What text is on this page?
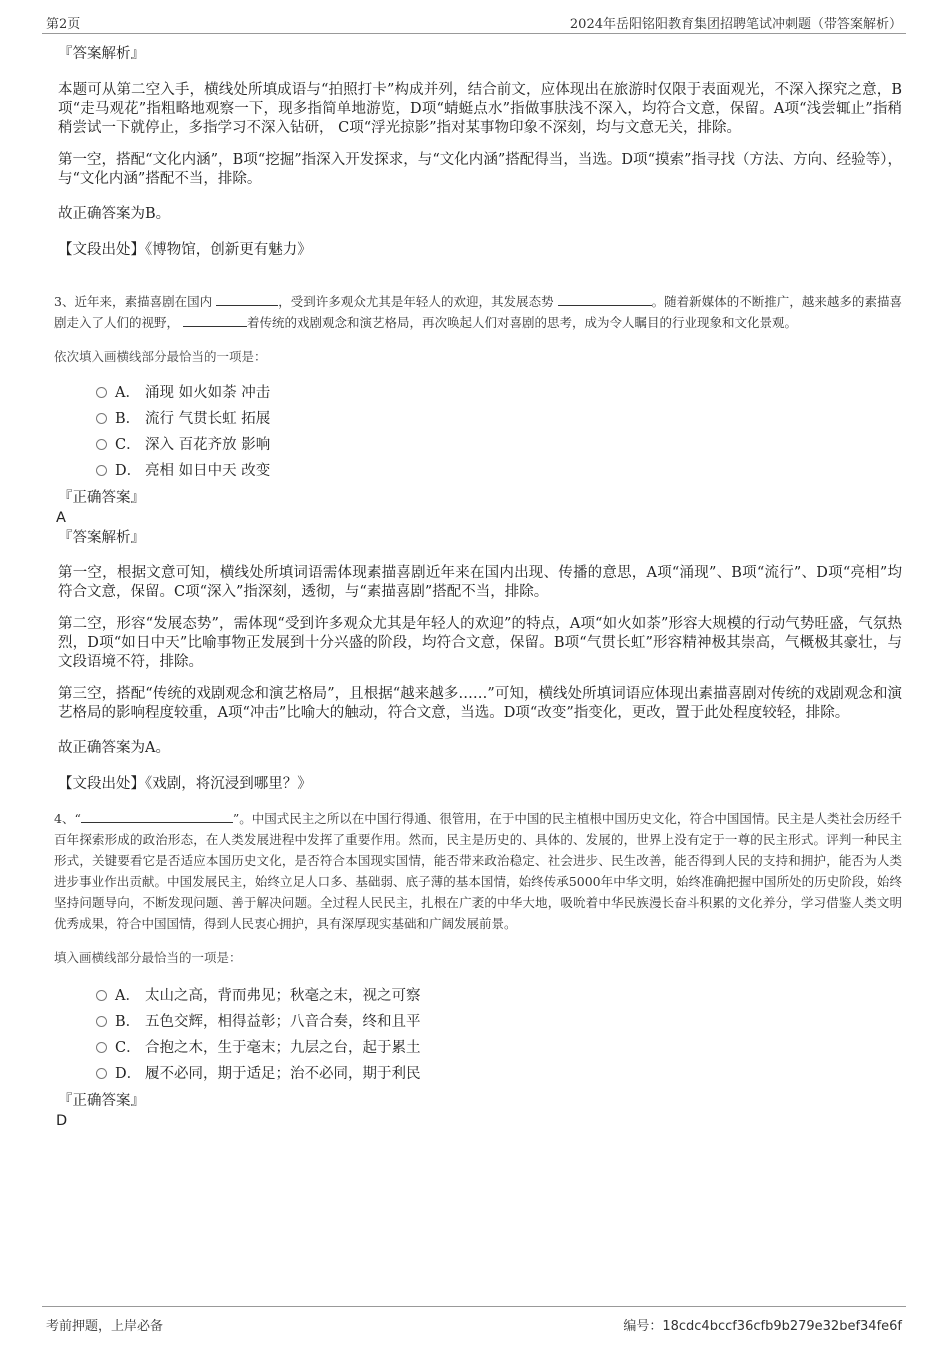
第2页	2024年岳阳铭阳教育集团招聘笔试冲刺题（带答案解析）

『答案解析』

本题可从第二空入手，横线处所填成语与“拍照打卡”构成并列，结合前文，应体现出在旅游时仅限于表面观光，不深入探究之意，B项“走马观花”指粗略地观察一下，现多指简单地游览，D项“蜻蜓点水”指做事肤浅不深入，均符合文意，保留。A项“浅尝辄止”指稍稍尝试一下就停止，多指学习不深入钻研， C项“浮光掠影”指对某事物印象不深刻，均与文意无关，排除。

第一空，搭配“文化内涵”，B项“挖掘”指深入开发探求，与“文化内涵”搭配得当，当选。D项“摸索”指寻找（方法、方向、经验等），与“文化内涵”搭配不当，排除。

故正确答案为B。

【文段出处】《博物馆，创新更有魅力》

3、近年来，素描喜剧在国内	，受到许多观众尤其是年轻人的欢迎，其发展态势	。随着新媒体的不断推广，越来越多的素描喜剧走入了人们的视野，	着传统的戏剧观念和演艺格局，再次唤起人们对喜剧的思考，成为令人瞩目的行业现象和文化景观。

依次填入画横线部分最恰当的一项是：

A． 涌现 如火如荼 冲击
B． 流行 气贯长虹 拓展
C． 深入 百花齐放 影响
D． 亮相 如日中天 改变

『正确答案』

A

『答案解析』

第一空，根据文意可知，横线处所填词语需体现素描喜剧近年来在国内出现、传播的意思，A项“涌现”、B项“流行”、D项“亮相”均符合文意，保留。C项“深入”指深刻，透彻，与“素描喜剧”搭配不当，排除。

第二空，形容“发展态势”，需体现“受到许多观众尤其是年轻人的欢迎”的特点，A项“如火如荼”形容大规模的行动气势旺盛，气氛热烈，D项“如日中天”比喻事物正发展到十分兴盛的阶段，均符合文意，保留。B项“气贯长虹”形容精神极其崇高，气概极其豪壮，与文段语境不符，排除。

第三空，搭配“传统的戏剧观念和演艺格局”，且根据“越来越多……”可知，横线处所填词语应体现出素描喜剧对传统的戏剧观念和演艺格局的影响程度较重，A项“冲击”比喻大的触动，符合文意，当选。D项“改变”指变化，更改，置于此处程度较轻，排除。

故正确答案为A。

【文段出处】《戏剧，将沉浸到哪里？》

4、“	”。中国式民主之所以在中国行得通、很管用，在于中国的民主植根中国历史文化，符合中国国情。民主是人类社会历经千百年探索形成的政治形态，在人类发展进程中发挥了重要作用。然而，民主是历史的、具体的、发展的，世界上没有定于一尊的民主形式。评判一种民主形式，关键要看它是否适应本国历史文化，是否符合本国现实国情，能否带来政治稳定、社会进步、民生改善，能否得到人民的支持和拥护，能否为人类进步事业作出贡献。中国发展民主，始终立足人口多、基础弱、底子薄的基本国情，始终传承5000年中华文明，始终准确把握中国所处的历史阶段，始终坚持问题导向，不断发现问题、善于解决问题。全过程人民民主，扎根在广袤的中华大地，吸吮着中华民族漫长奋斗积累的文化养分，学习借鉴人类文明优秀成果，符合中国国情，得到人民衷心拥护，具有深厚现实基础和广阔发展前景。

填入画横线部分最恰当的一项是：

A． 太山之高，背而弗见；秋毫之末，视之可察
B． 五色交辉，相得益彰；八音合奏，终和且平
C． 合抱之木，生于毫末；九层之台，起于累土
D． 履不必同，期于适足；治不必同，期于利民

『正确答案』

D

考前押题，上岸必备	编号：18cdc4bccf36cfb9b279e32bef34fe6f
